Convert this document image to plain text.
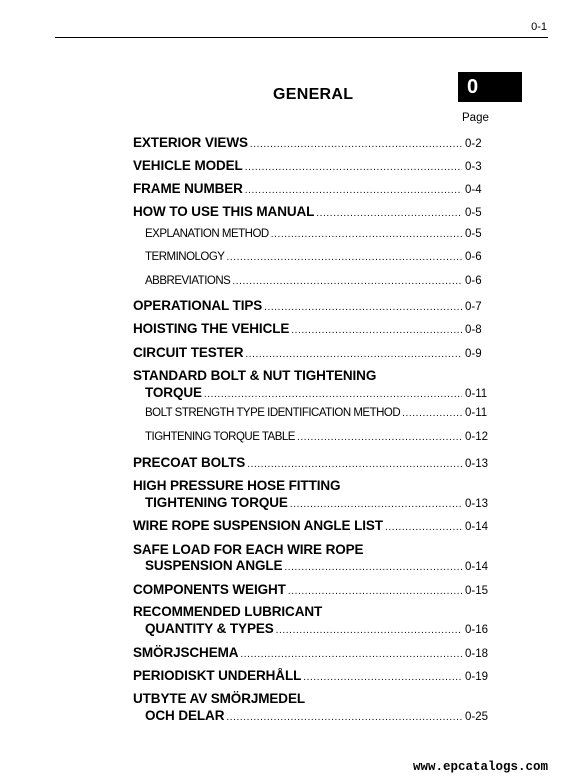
0-1
GENERAL	0
Page
EXTERIOR VIEWS .....	0-2
VEHICLE MODEL .....	0-3
FRAME NUMBER .....	0-4
HOW TO USE THIS MANUAL .....	0-5
EXPLANATION METHOD .....	0-5
TERMINOLOGY .....	0-6
ABBREVIATIONS .....	0-6
OPERATIONAL TIPS .....	0-7
HOISTING THE VEHICLE .....	0-8
CIRCUIT TESTER .....	0-9
STANDARD BOLT & NUT TIGHTENING
TORQUE .....	0-11
BOLT STRENGTH TYPE IDENTIFICATION METHOD .....	0-11
TIGHTENING TORQUE TABLE .....	0-12
PRECOAT BOLTS .....	0-13
HIGH PRESSURE HOSE FITTING
TIGHTENING TORQUE .....	0-13
WIRE ROPE SUSPENSION ANGLE LIST .....	0-14
SAFE LOAD FOR EACH WIRE ROPE
SUSPENSION ANGLE .....	0-14
COMPONENTS WEIGHT .....	0-15
RECOMMENDED LUBRICANT
QUANTITY & TYPES .....	0-16
SMÖRJSCHEMA .....	0-18
PERIODISKT UNDERHÅLL .....	0-19
UTBYTE AV SMÖRJMEDEL
OCH DELAR .....	0-25
www.epcatalogs.com
